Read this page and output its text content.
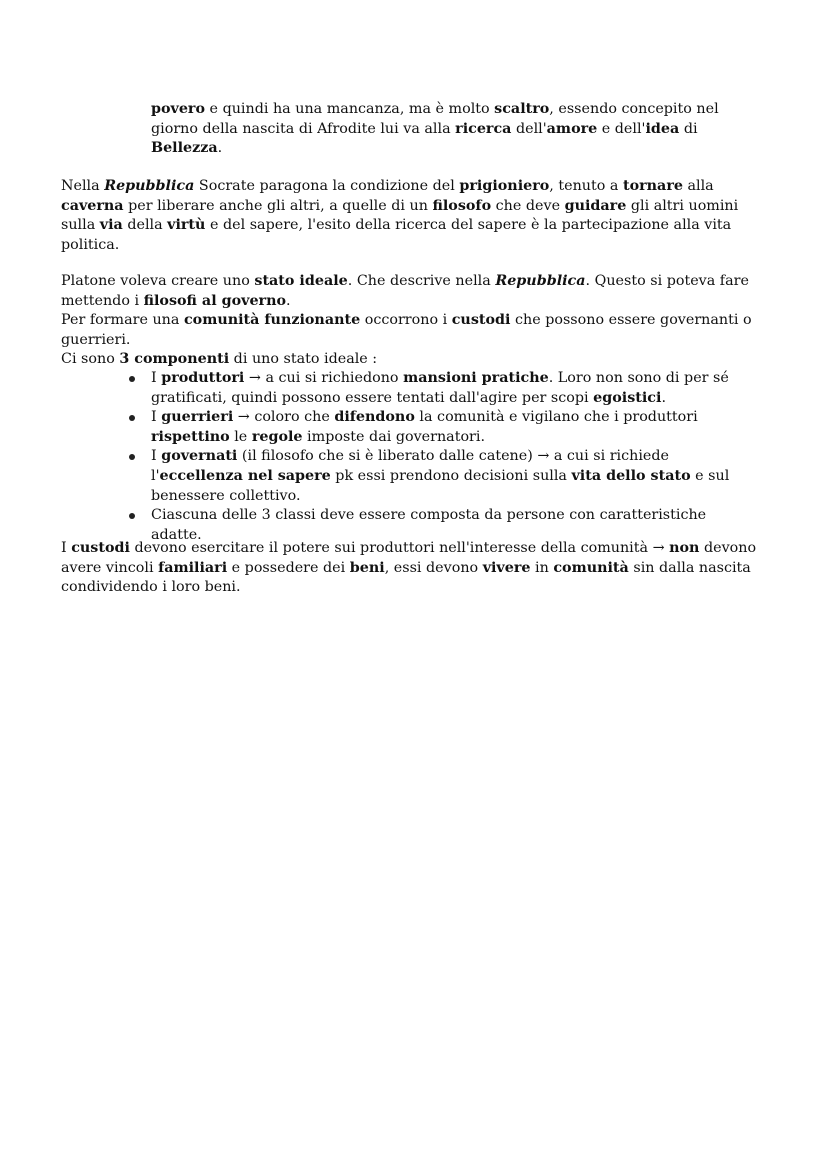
povero e quindi ha una mancanza, ma è molto scaltro, essendo concepito nel giorno della nascita di Afrodite lui va alla ricerca dell'amore e dell'idea di Bellezza.

Nella Repubblica Socrate paragona la condizione del prigioniero, tenuto a tornare alla caverna per liberare anche gli altri, a quelle di un filosofo che deve guidare gli altri uomini sulla via della virtù e del sapere, l'esito della ricerca del sapere è la partecipazione alla vita politica.

Platone voleva creare uno stato ideale. Che descrive nella Repubblica. Questo si poteva fare mettendo i filosofi al governo.

Per formare una comunità funzionante occorrono i custodi che possono essere governanti o guerrieri.

Ci sono 3 componenti di uno stato ideale :

I produttori → a cui si richiedono mansioni pratiche. Loro non sono di per sé gratificati, quindi possono essere tentati dall'agire per scopi egoistici.
I guerrieri → coloro che difendono la comunità e vigilano che i produttori rispettino le regole imposte dai governatori.
I governati (il filosofo che si è liberato dalle catene) → a cui si richiede l'eccellenza nel sapere pk essi prendono decisioni sulla vita dello stato e sul benessere collettivo.
Ciascuna delle 3 classi deve essere composta da persone con caratteristiche adatte.

I custodi devono esercitare il potere sui produttori nell'interesse della comunità → non devono avere vincoli familiari e possedere dei beni, essi devono vivere in comunità sin dalla nascita condividendo i loro beni.
